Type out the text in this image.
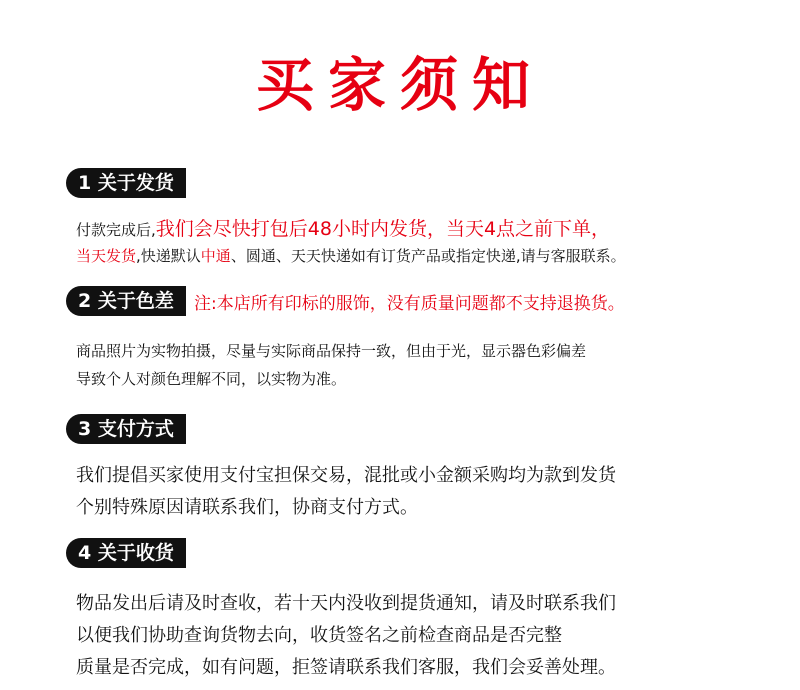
买家须知
1 关于发货
付款完成后,我们会尽快打包后48小时内发货，当天4点之前下单，
当天发货,快递默认中通、圆通、天天快递如有订货产品或指定快递,请与客服联系。
2 关于色差	注:本店所有印标的服饰，没有质量问题都不支持退换货。
商品照片为实物拍摄，尽量与实际商品保持一致，但由于光，显示器色彩偏差
导致个人对颜色理解不同，以实物为准。
3 支付方式
我们提倡买家使用支付宝担保交易，混批或小金额采购均为款到发货
个别特殊原因请联系我们，协商支付方式。
4 关于收货
物品发出后请及时查收，若十天内没收到提货通知，请及时联系我们
以便我们协助查询货物去向，收货签名之前检查商品是否完整
质量是否完成，如有问题，拒签请联系我们客服，我们会妥善处理。
